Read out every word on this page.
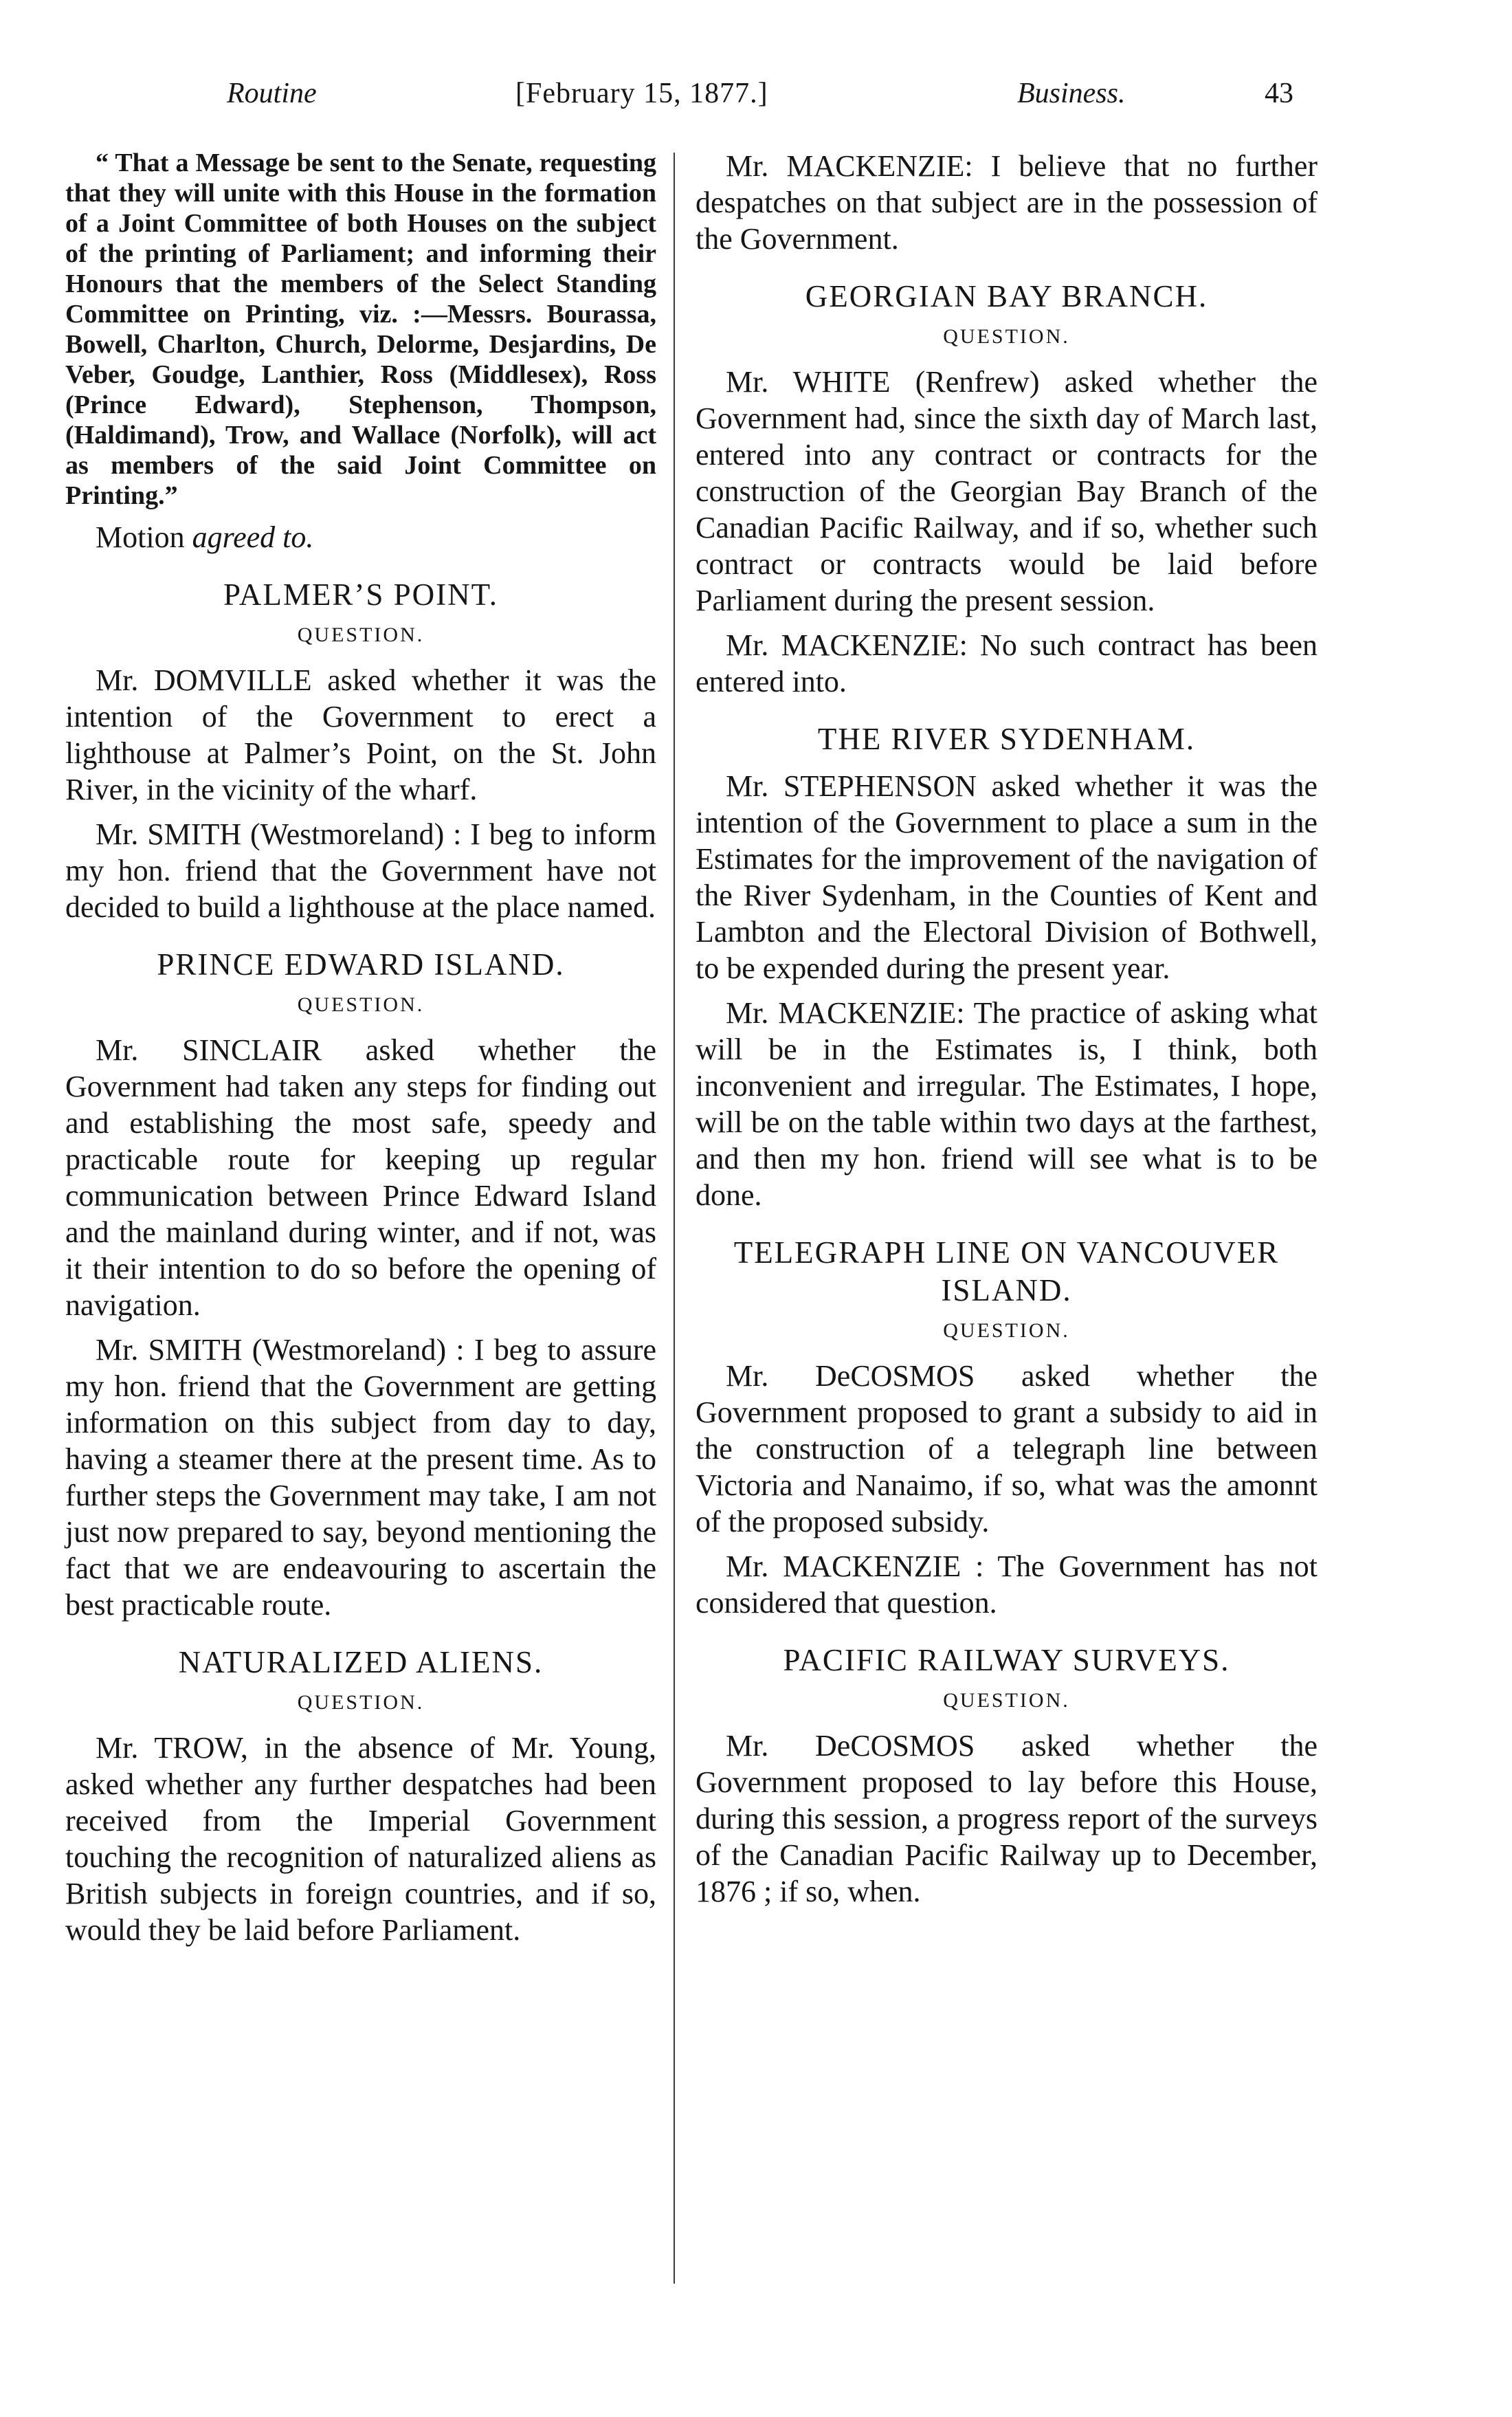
Routine	[February 15, 1877.]	Business.	43

“ That a Message be sent to the Senate, requesting that they will unite with this House in the formation of a Joint Committee of both Houses on the subject of the printing of Parliament; and informing their Honours that the members of the Select Standing Committee on Printing, viz. :—Messrs. Bourassa, Bowell, Charlton, Church, Delorme, Desjardins, De Veber, Goudge, Lanthier, Ross (Middlesex), Ross (Prince Edward), Stephenson, Thompson, (Haldimand), Trow, and Wallace (Norfolk), will act as members of the said Joint Committee on Printing.”

Motion agreed to.

PALMER’S POINT.
QUESTION.

Mr. DOMVILLE asked whether it was the intention of the Government to erect a lighthouse at Palmer’s Point, on the St. John River, in the vicinity of the wharf.

Mr. SMITH (Westmoreland) : I beg to inform my hon. friend that the Government have not decided to build a lighthouse at the place named.

PRINCE EDWARD ISLAND.
QUESTION.

Mr. SINCLAIR asked whether the Government had taken any steps for finding out and establishing the most safe, speedy and practicable route for keeping up regular communication between Prince Edward Island and the mainland during winter, and if not, was it their intention to do so before the opening of navigation.

Mr. SMITH (Westmoreland) : I beg to assure my hon. friend that the Government are getting information on this subject from day to day, having a steamer there at the present time. As to further steps the Government may take, I am not just now prepared to say, beyond mentioning the fact that we are endeavouring to ascertain the best practicable route.

NATURALIZED ALIENS.
QUESTION.

Mr. TROW, in the absence of Mr. Young, asked whether any further despatches had been received from the Imperial Government touching the recognition of naturalized aliens as British subjects in foreign countries, and if so, would they be laid before Parliament.

Mr. MACKENZIE: I believe that no further despatches on that subject are in the possession of the Government.

GEORGIAN BAY BRANCH.
QUESTION.

Mr. WHITE (Renfrew) asked whether the Government had, since the sixth day of March last, entered into any contract or contracts for the construction of the Georgian Bay Branch of the Canadian Pacific Railway, and if so, whether such contract or contracts would be laid before Parliament during the present session.

Mr. MACKENZIE: No such contract has been entered into.

THE RIVER SYDENHAM.

Mr. STEPHENSON asked whether it was the intention of the Government to place a sum in the Estimates for the improvement of the navigation of the River Sydenham, in the Counties of Kent and Lambton and the Electoral Division of Bothwell, to be expended during the present year.

Mr. MACKENZIE: The practice of asking what will be in the Estimates is, I think, both inconvenient and irregular. The Estimates, I hope, will be on the table within two days at the farthest, and then my hon. friend will see what is to be done.

TELEGRAPH LINE ON VANCOUVER ISLAND.
QUESTION.

Mr. DeCOSMOS asked whether the Government proposed to grant a subsidy to aid in the construction of a telegraph line between Victoria and Nanaimo, if so, what was the amonnt of the proposed subsidy.

Mr. MACKENZIE : The Government has not considered that question.

PACIFIC RAILWAY SURVEYS.
QUESTION.

Mr. DeCOSMOS asked whether the Government proposed to lay before this House, during this session, a progress report of the surveys of the Canadian Pacific Railway up to December, 1876 ; if so, when.
